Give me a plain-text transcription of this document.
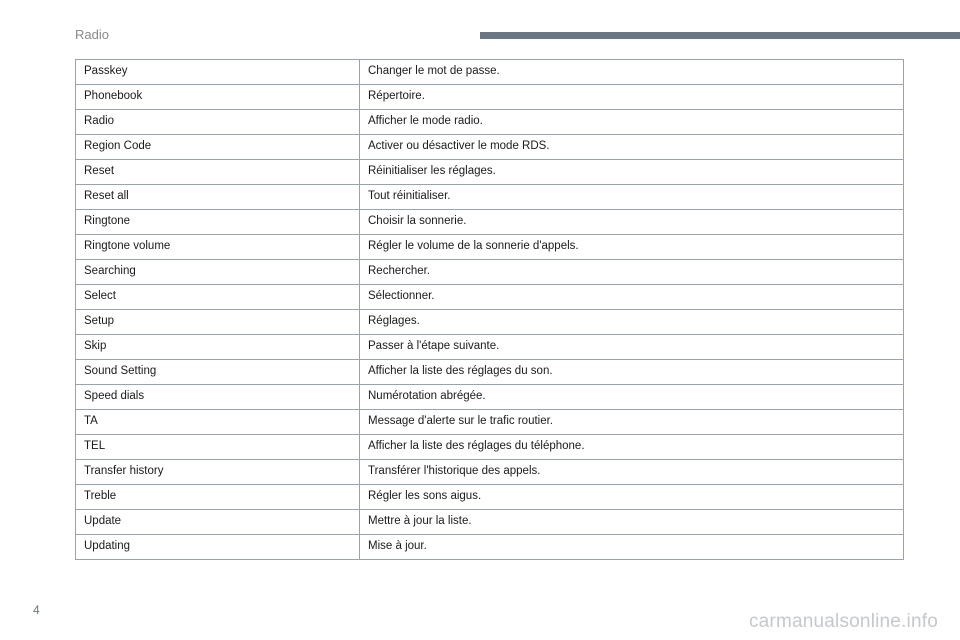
Radio
Passkey	Changer le mot de passe.
Phonebook	Répertoire.
Radio	Afficher le mode radio.
Region Code	Activer ou désactiver le mode RDS.
Reset	Réinitialiser les réglages.
Reset all	Tout réinitialiser.
Ringtone	Choisir la sonnerie.
Ringtone volume	Régler le volume de la sonnerie d'appels.
Searching	Rechercher.
Select	Sélectionner.
Setup	Réglages.
Skip	Passer à l'étape suivante.
Sound Setting	Afficher la liste des réglages du son.
Speed dials	Numérotation abrégée.
TA	Message d'alerte sur le trafic routier.
TEL	Afficher la liste des réglages du téléphone.
Transfer history	Transférer l'historique des appels.
Treble	Régler les sons aigus.
Update	Mettre à jour la liste.
Updating	Mise à jour.
4
carmanualsonline.info
